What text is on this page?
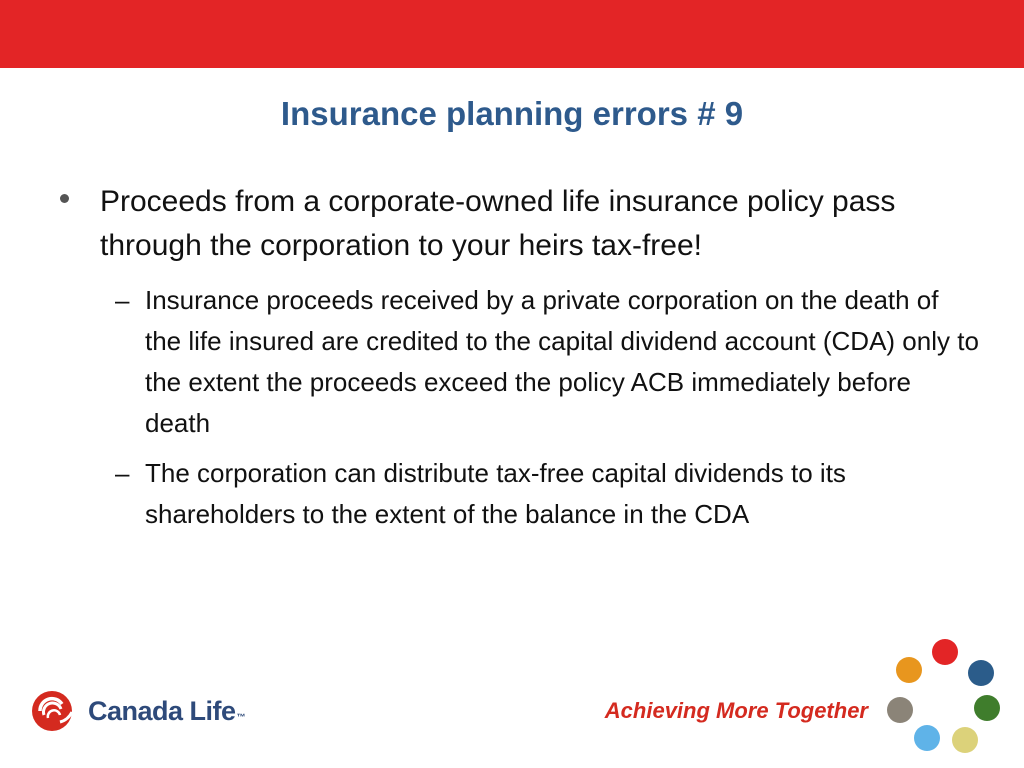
Insurance planning errors # 9

Proceeds from a corporate-owned life insurance policy pass through the corporation to your heirs tax-free!

– Insurance proceeds received by a private corporation on the death of the life insured are credited to the capital dividend account (CDA) only to the extent the proceeds exceed the policy ACB immediately before death

– The corporation can distribute tax-free capital dividends to its shareholders to the extent of the balance in the CDA

Canada Life™	Achieving More Together
